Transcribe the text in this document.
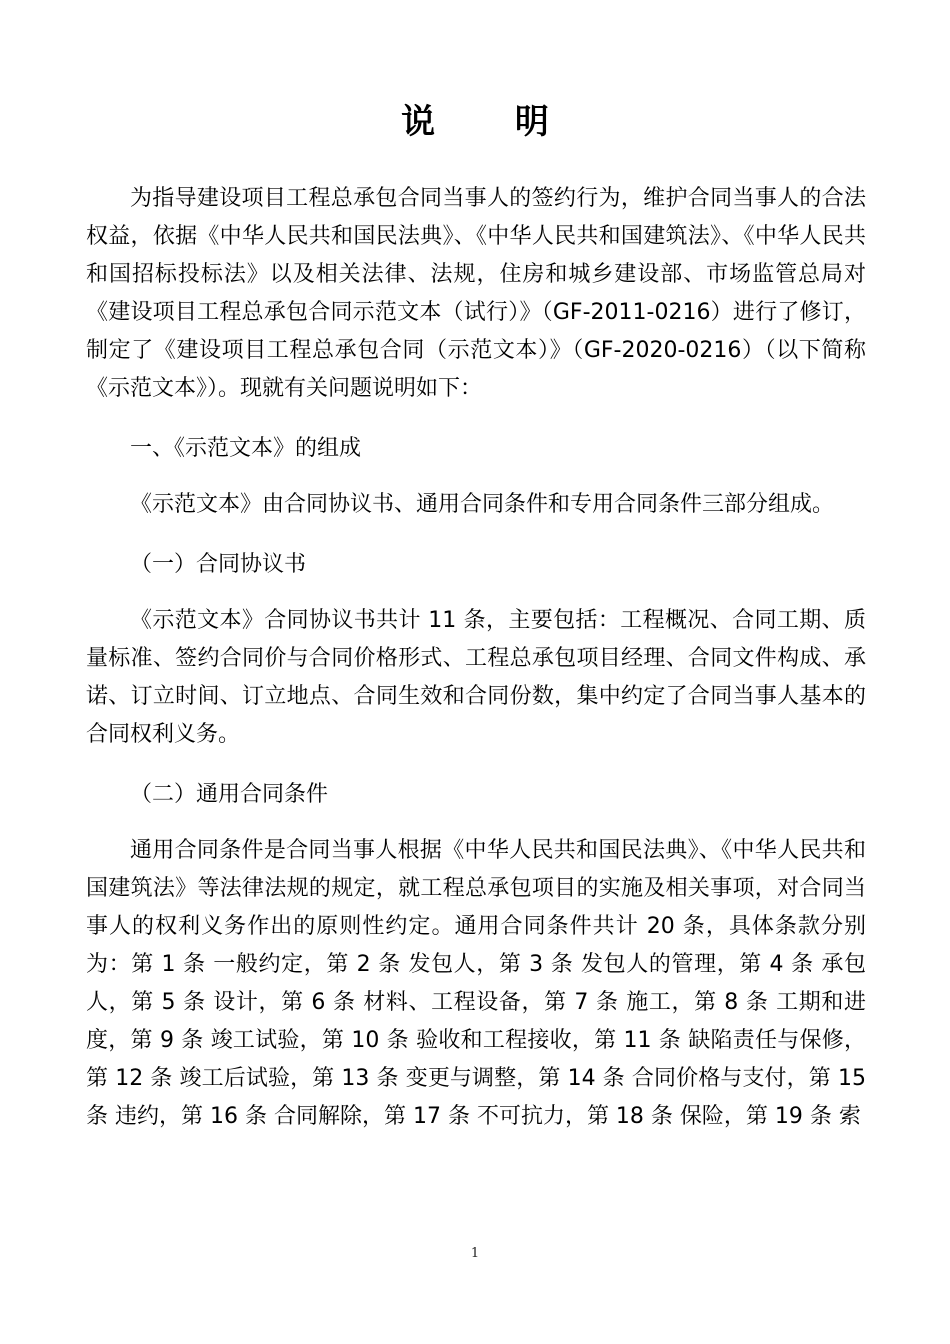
说 明

为指导建设项目工程总承包合同当事人的签约行为，维护合同当事人的合法权益，依据《中华人民共和国民法典》、《中华人民共和国建筑法》、《中华人民共和国招标投标法》以及相关法律、法规，住房和城乡建设部、市场监管总局对《建设项目工程总承包合同示范文本（试行）》（GF-2011-0216）进行了修订，制定了《建设项目工程总承包合同（示范文本）》（GF-2020-0216）（以下简称《示范文本》）。现就有关问题说明如下：

一、《示范文本》的组成

《示范文本》由合同协议书、通用合同条件和专用合同条件三部分组成。

（一）合同协议书

《示范文本》合同协议书共计 11 条，主要包括：工程概况、合同工期、质量标准、签约合同价与合同价格形式、工程总承包项目经理、合同文件构成、承诺、订立时间、订立地点、合同生效和合同份数，集中约定了合同当事人基本的合同权利义务。

（二）通用合同条件

通用合同条件是合同当事人根据《中华人民共和国民法典》、《中华人民共和国建筑法》等法律法规的规定，就工程总承包项目的实施及相关事项，对合同当事人的权利义务作出的原则性约定。通用合同条件共计 20 条，具体条款分别为：第 1 条 一般约定，第 2 条 发包人，第 3 条 发包人的管理，第 4 条 承包人，第 5 条 设计，第 6 条 材料、工程设备，第 7 条 施工，第 8 条 工期和进度，第 9 条 竣工试验，第 10 条 验收和工程接收，第 11 条 缺陷责任与保修，第 12 条 竣工后试验，第 13 条 变更与调整，第 14 条 合同价格与支付，第 15 条 违约，第 16 条 合同解除，第 17 条 不可抗力，第 18 条 保险，第 19 条 索

1
